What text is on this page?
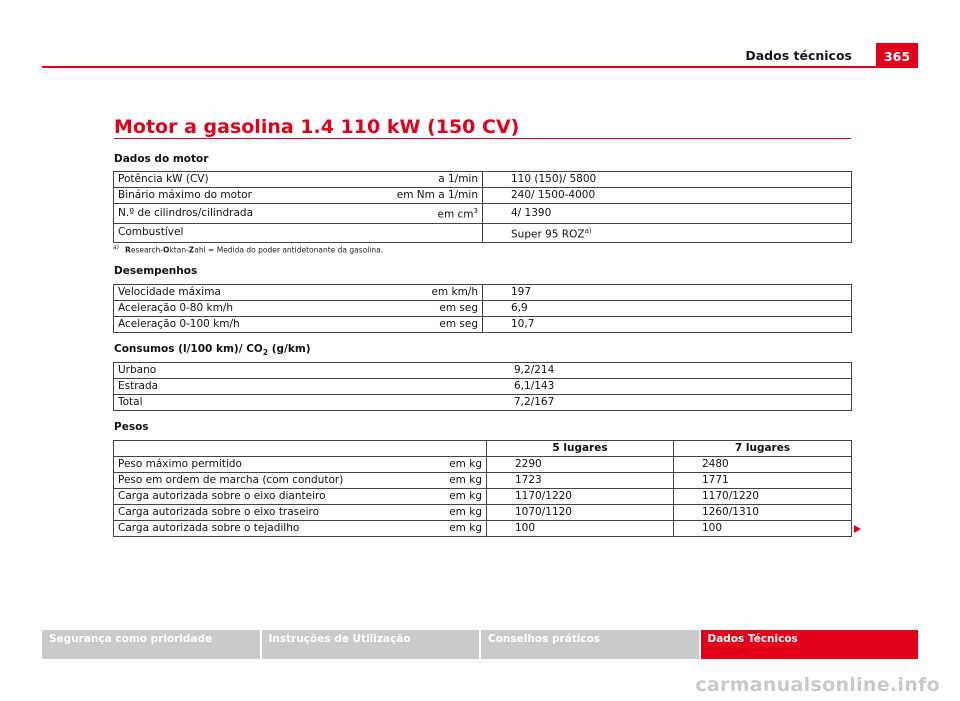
Dados técnicos	365
Motor a gasolina 1.4 110 kW (150 CV)
Dados do motor
Potência kW (CV)	a 1/min	110 (150)/ 5800
Binário máximo do motor	em Nm a 1/min	240/ 1500-4000
N.º de cilindros/cilindrada	em $cm^3$	4/ 1390
Combustível		Super 95 ROZ$^{a)}$
$^{a)}$ Research-Oktan-Zahl = Medida do poder antidetonante da gasolina.
Desempenhos
Velocidade máxima	em km/h	197
Aceleração 0-80 km/h	em seg	6,9
Aceleração 0-100 km/h	em seg	10,7
Consumos (l/100 km)/ $CO_2$ (g/km)
Urbano	9,2/214
Estrada	6,1/143
Total	7,2/167
Pesos
		5 lugares	7 lugares
Peso máximo permitido	em kg	2290	2480
Peso em ordem de marcha (com condutor)	em kg	1723	1771
Carga autorizada sobre o eixo dianteiro	em kg	1170/1220	1170/1220
Carga autorizada sobre o eixo traseiro	em kg	1070/1120	1260/1310
Carga autorizada sobre o tejadilho	em kg	100	100
Segurança como prioridade	Instruções de Utilização	Conselhos práticos	Dados Técnicos
carmanualsonline.info
